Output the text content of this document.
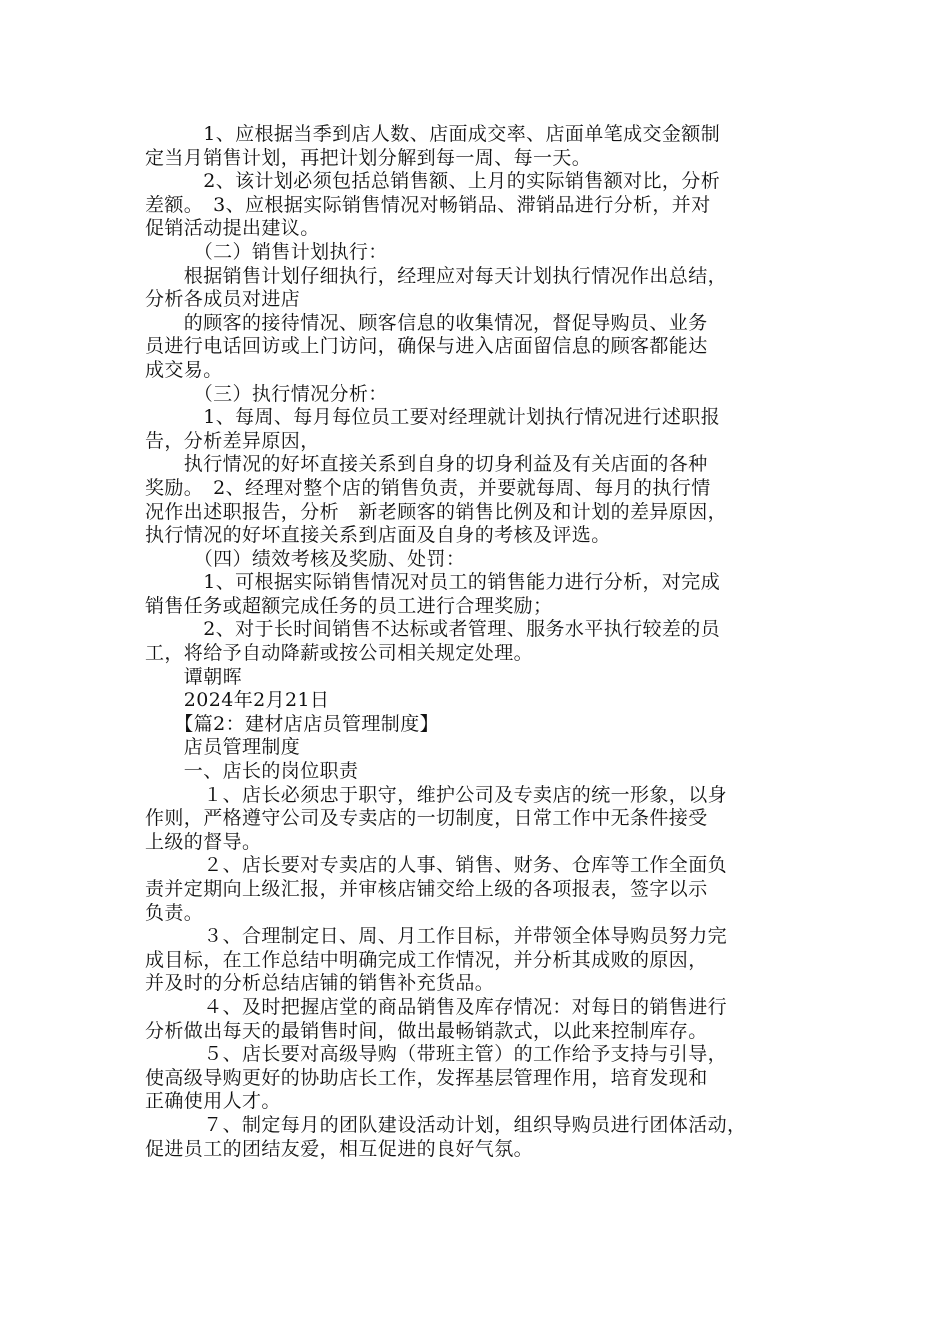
　　　1、应根据当季到店人数、店面成交率、店面单笔成交金额制
定当月销售计划，再把计划分解到每一周、每一天。
　　　2、该计划必须包括总销售额、上月的实际销售额对比，分析
差额。　3、应根据实际销售情况对畅销品、滞销品进行分析，并对
促销活动提出建议。
　　　（二）销售计划执行：
　　根据销售计划仔细执行，经理应对每天计划执行情况作出总结，
分析各成员对进店
　　的顾客的接待情况、顾客信息的收集情况，督促导购员、业务
员进行电话回访或上门访问，确保与进入店面留信息的顾客都能达
成交易。
　　　（三）执行情况分析：
　　　1、每周、每月每位员工要对经理就计划执行情况进行述职报
告，分析差异原因，
　　执行情况的好坏直接关系到自身的切身利益及有关店面的各种
奖励。　2、经理对整个店的销售负责，并要就每周、每月的执行情
况作出述职报告，分析　新老顾客的销售比例及和计划的差异原因，
执行情况的好坏直接关系到店面及自身的考核及评选。
　　　（四）绩效考核及奖励、处罚：
　　　1、可根据实际销售情况对员工的销售能力进行分析，对完成
销售任务或超额完成任务的员工进行合理奖励；
　　　2、对于长时间销售不达标或者管理、服务水平执行较差的员
工，将给予自动降薪或按公司相关规定处理。
　　谭朝晖
　　2024年2月21日
　　【篇2：建材店店员管理制度】
　　店员管理制度
　　一、店长的岗位职责
　　　１、店长必须忠于职守，维护公司及专卖店的统一形象，以身
作则，严格遵守公司及专卖店的一切制度，日常工作中无条件接受
上级的督导。
　　　２、店长要对专卖店的人事、销售、财务、仓库等工作全面负
责并定期向上级汇报，并审核店铺交给上级的各项报表，签字以示
负责。
　　　３、合理制定日、周、月工作目标，并带领全体导购员努力完
成目标，在工作总结中明确完成工作情况，并分析其成败的原因，
并及时的分析总结店铺的销售补充货品。
　　　４、及时把握店堂的商品销售及库存情况：对每日的销售进行
分析做出每天的最销售时间，做出最畅销款式，以此来控制库存。
　　　５、店长要对高级导购（带班主管）的工作给予支持与引导，
使高级导购更好的协助店长工作，发挥基层管理作用，培育发现和
正确使用人才。
　　　７、制定每月的团队建设活动计划，组织导购员进行团体活动，
促进员工的团结友爱，相互促进的良好气氛。
